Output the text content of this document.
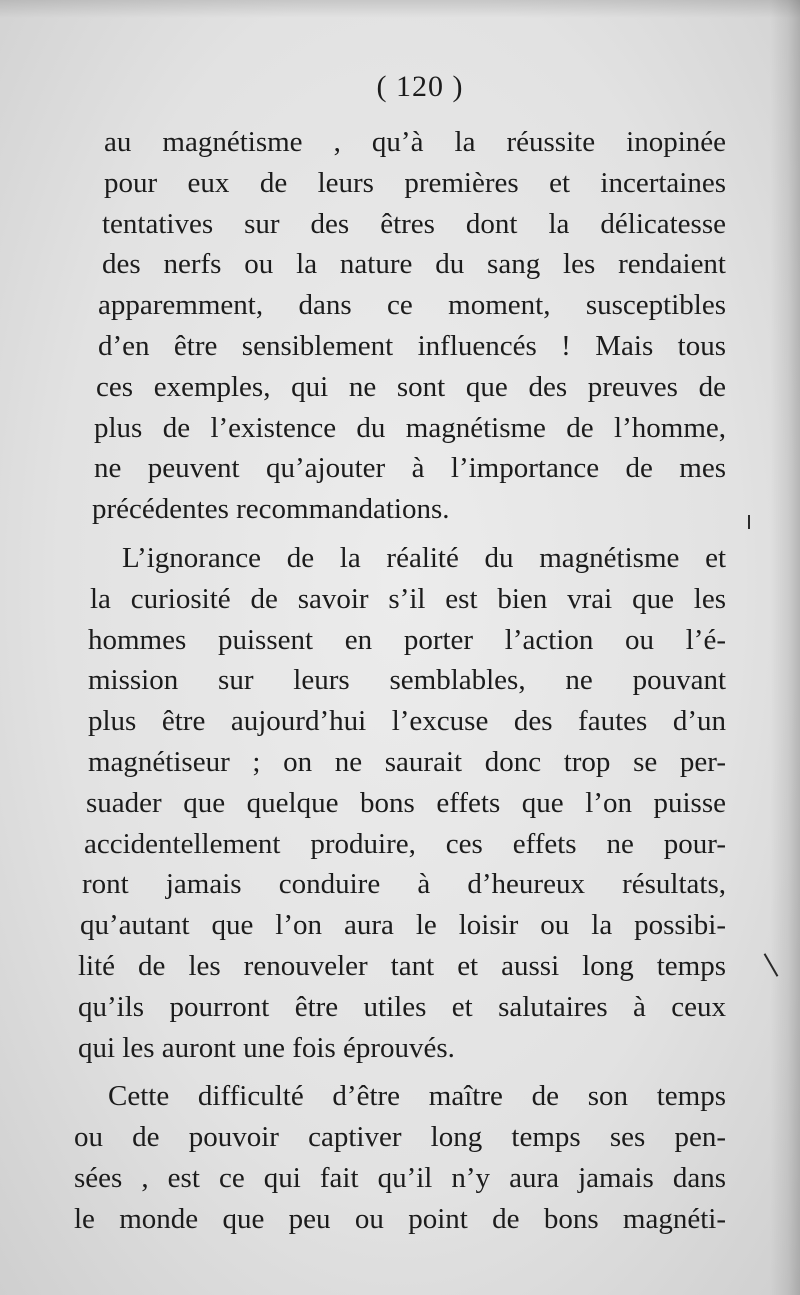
( 120 )
au magnétisme , qu’à la réussite inopinée
pour eux de leurs premières et incertaines
tentatives sur des êtres dont la délicatesse
des nerfs ou la nature du sang les rendaient
apparemment, dans ce moment, susceptibles
d’en être sensiblement influencés ! Mais tous
ces exemples, qui ne sont que des preuves de
plus de l’existence du magnétisme de l’homme,
ne peuvent qu’ajouter à l’importance de mes
précédentes recommandations.
L’ignorance de la réalité du magnétisme et
la curiosité de savoir s’il est bien vrai que les
hommes puissent en porter l’action ou l’é-
mission sur leurs semblables, ne pouvant
plus être aujourd’hui l’excuse des fautes d’un
magnétiseur ; on ne saurait donc trop se per-
suader que quelque bons effets que l’on puisse
accidentellement produire, ces effets ne pour-
ront jamais conduire à d’heureux résultats,
qu’autant que l’on aura le loisir ou la possibi-
lité de les renouveler tant et aussi long temps
qu’ils pourront être utiles et salutaires à ceux
qui les auront une fois éprouvés.
Cette difficulté d’être maître de son temps
ou de pouvoir captiver long temps ses pen-
sées , est ce qui fait qu’il n’y aura jamais dans
le monde que peu ou point de bons magnéti-
